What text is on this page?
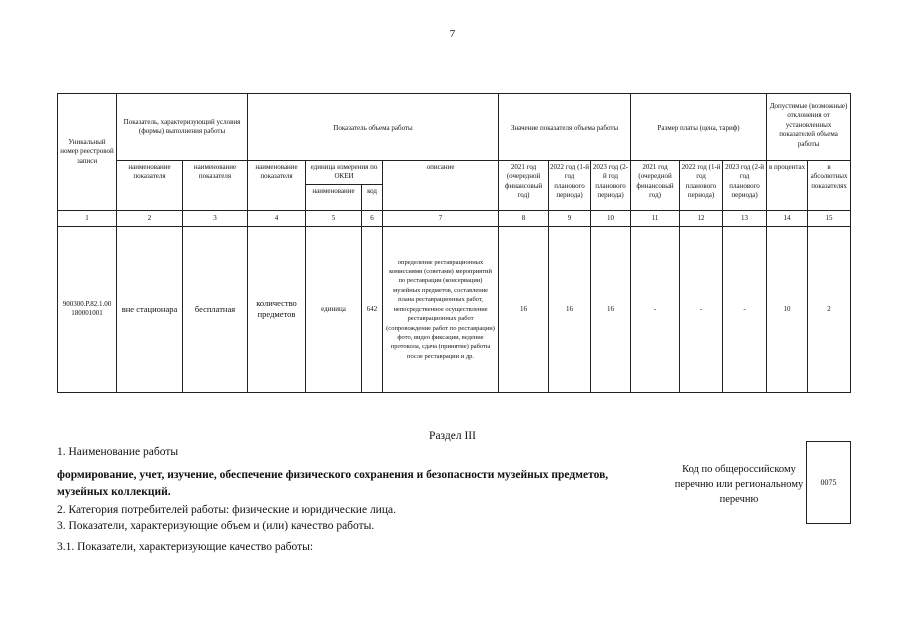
7
Уникальный номер реестровой записи	Показатель, характеризующий условия (формы) выполнения работы		Показатель объема работы				Значение показателя объема работы			Размер платы (цена, тариф)			Допустимые (возможные) отклонения от установленных показателей объема работы	
	наименование показателя	наименование показателя	наименование показателя	единица измерения по ОКЕИ		описание	2021 год (очередной финансовый год)	2022 год (1-й год планового периода)	2023 год (2-й год планового периода)	2021 год (очередной финансовый год)	2022 год (1-й год планового периода)	2023 год (2-й год планового периода)	в процентах	в абсолютных показателях
				наименование	код									
1	2	3	4	5	6	7	8	9	10	11	12	13	14	15
900300.Р.82.1.00 180001001	вне стационара	бесплатная	количество предметов	единица	642	определение реставрационных комиссиями (советами) мероприятий по реставрации (консервации) музейных предметов, составление плана реставрационных работ, непосредственное осуществление реставрационных работ (сопровождение работ по реставрации) фото, видео фиксации, ведение протокола, сдача (принятие) работы после реставрации и др.	16	16	16	-	-	-	10	2
Раздел III
1. Наименование работы
формирование, учет, изучение, обеспечение физического сохранения и безопасности музейных предметов, музейных коллекций.
2. Категория потребителей работы: физические и юридические лица.
3. Показатели, характеризующие объем и (или) качество работы.
3.1. Показатели, характеризующие качество работы:
Код по общероссийскому перечню или региональному перечню
0075
